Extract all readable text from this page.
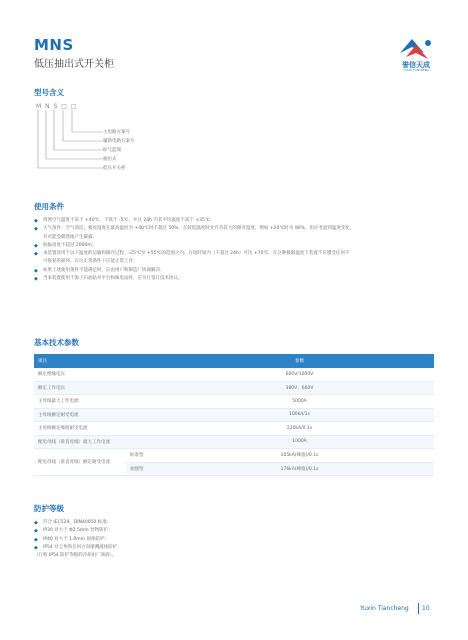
MNS
低压抽出式开关柜	誉信天成
YUXIN TIANCHENG
型号含义
M N S □ □
主电路方案号
辅助电路方案号
标气蓝瑞
抽出式
低压开关柜
使用条件
◆ 周围空气温度不高于 +40℃，不低于 -5℃，并且 24h 内其平均温度不高于 +35℃；
◆ 大气条件：空气清洁，相对湿度在最高温度为 +40℃时不超过 50%，在较低温度时允许有较大的相对湿度，例如 +20℃时为 90%，但应考虑到温度变化，
有可能会偶然地产生凝露；
◆ 海拔高度不超过 2000m；
◆ 本装置适用于以下温度的运输和储存过程：-25℃至 +55℃的范围之内，在短时间内（不超过 24h）可达 +70℃，在这种极限温度下装置不应遭受任何不
可恢复的损坏，在这正常条件下应能正常工作；
◆ 如果上述使用条件不能满足时，应由用户和制造厂协商解决；
◆ 当本装置使用于海上石油钻井平台和核电站时，应另行签订技术协议。
基本技术参数
项目		参数
额定绝缘电压		660V/1000V
额定工作电压		380V、660V
主母线最大工作电流		5000A
主母线额定耐受电流		100kA/1s
主母线额定峰值耐受电流		220kA/0.1s
配电母线（垂直母线）最大工作电流		1000A
配电母线（垂直母线）额定耐受电流	标准型	105kA(峰值)/0.1s
	加强型	176kA(峰值)/0.1s
防护等级
◆ 符合 IEC529、DIN40050 标准；
◆ IP30 对大于 Φ2.5mm 异物防护；
◆ IP40 对大于 1.0mm 固体防护；
◆ IP54 对尘埃和任何方向喷溅液体防护；
（订购 IP54 防护等级的冷却由厂商商）。
Yuxin Tiancheng 10
